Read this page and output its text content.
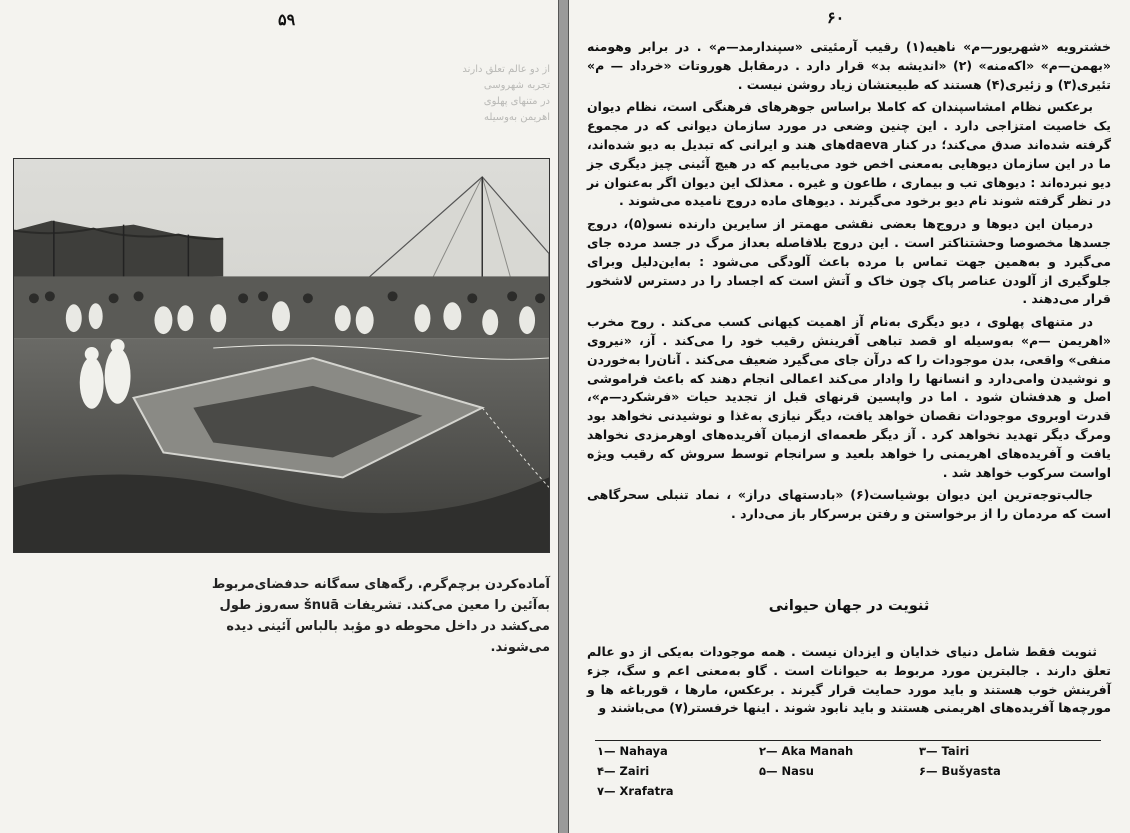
۵۹
از دو عالم تعلق دارند
تجربه شهروسی
در متنهای پهلوی
اهریمن به‌وسیله

آماده‌کردن برچم‌گرم. رگه‌های سه‌گانه حدفضای‌مربوط

به‌آئین را معین می‌کند. تشریفات šnuā سه‌روز طول

می‌کشد در داخل محوطه دو مؤبد بالباس آئینی دیده

می‌شوند.

۶۰

خشترویه «شهریور—م» ناهیه(۱) رقیب آرمئیتی «سپندارمد—م» . در برابر وهومنه «بهمن—م» «اکه‌منه» (۲) «اندیشه بد» قرار دارد . درمقابل هوروتات «خرداد — م» تئیری(۳) و زئیری(۴) هستند که طبیعتشان زیاد روشن نیست .

برعکس نظام امشاسپندان که کاملا براساس جوهرهای فرهنگی است، نظام دیوان یک خاصیت امتزاجی دارد . این چنین وضعی در مورد سازمان دیوانی که در مجموع گرفته شده‌اند صدق می‌کند؛ در کنار daevaهای هند و ایرانی که تبدیل به دیو شده‌اند، ما در این سازمان دیوهایی به‌معنی اخص خود می‌یابیم که در هیچ آئینی چیز دیگری جز دیو نبرده‌اند : دیوهای تب و بیماری ، طاعون و غیره . معذلک این دیوان اگر به‌عنوان نر در نظر گرفته شوند نام دیو برخود می‌گیرند . دیوهای ماده دروج نامیده می‌شوند .

درمیان این دیوها و دروج‌ها بعضی نقشی مهمتر از سایرین دارنده نسو(۵)، دروج جسدها مخصوصا وحشتناکتر است . این دروج بلافاصله بعداز مرگ در جسد مرده جای می‌گیرد و به‌همین جهت تماس با مرده باعث آلودگی می‌شود : به‌این‌دلیل وبرای جلوگیری از آلودن عناصر پاک چون خاک و آتش است که اجساد را در دسترس لاشخور قرار می‌دهند .

در متنهای پهلوی ، دیو دیگری به‌نام آز اهمیت کیهانی کسب می‌کند . روح مخرب «اهریمن —م» به‌وسیله او قصد تباهی آفرینش رقیب خود را می‌کند . آز، «نیروی منفی» واقعی، بدن موجودات را که درآن جای می‌گیرد ضعیف می‌کند . آنان‌را به‌خوردن و نوشیدن وامی‌دارد و انسانها را وادار می‌کند اعمالی انجام دهند که باعث فراموشی اصل و هدفشان شود . اما در واپسین قرنهای قبل از تجدید حیات «فرشکرد—م»، قدرت اوبروی موجودات نقصان خواهد یافت، دیگر نیازی به‌غذا و نوشیدنی نخواهد بود ومرگ دیگر تهدید نخواهد کرد . آز دیگر طعمه‌ای ازمیان آفریده‌های اوهرمزدی نخواهد یافت و آفریده‌های اهریمنی را خواهد بلعید و سرانجام توسط سروش که رقیب ویژه اواست سرکوب خواهد شد .

جالب‌توجه‌ترین این دیوان بوشیاست(۶) «بادستهای دراز» ، نماد تنبلی سحرگاهی است که مردمان را از برخواستن و رفتن برسرکار باز می‌دارد .

ثنویت در جهان حیوانی

ثنویت فقط شامل دنیای خدایان و ایزدان نیست . همه موجودات به‌یکی از دو عالم تعلق دارند . جالبترین مورد مربوط به حیوانات است . گاو به‌معنی اعم و سگ، جزء آفرینش خوب هستند و باید مورد حمایت قرار گیرند . برعکس، مارها ، قورباغه ها و مورچه‌ها آفریده‌های اهریمنی هستند و باید نابود شوند . اینها خرفستر(۷) می‌باشند و

۱— Nahaya	۲— Aka Manah	۳— Tairi
۴— Zairi	۵— Nasu	۶— Bušyasta
۷— Xrafatra
